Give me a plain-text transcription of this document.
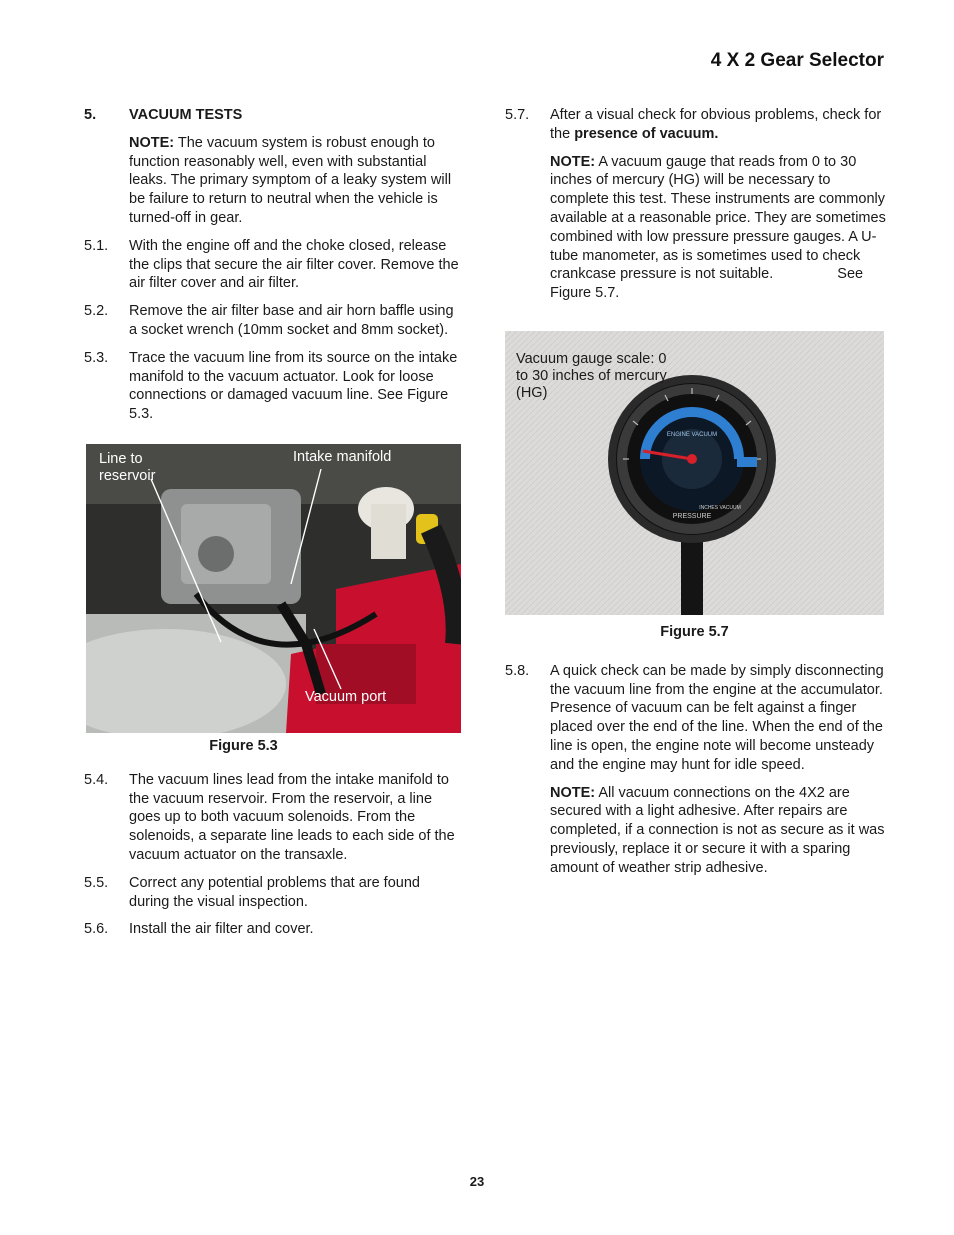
4 X 2 Gear Selector
5. VACUUM TESTS
NOTE: The vacuum system is robust enough to function reasonably well, even with substantial leaks. The primary symptom of a leaky system will be failure to return to neutral when the vehicle is turned-off in gear.
5.1. With the engine off and the choke closed, release the clips that secure the air filter cover. Remove the air filter cover and air filter.
5.2. Remove the air filter base and air horn baffle using a socket wrench (10mm socket and 8mm socket).
5.3. Trace the vacuum line from its source on the intake manifold to the vacuum actuator. Look for loose connections or damaged vacuum line. See Figure 5.3.
Line to reservoir
Intake manifold
Vacuum port
Figure 5.3
5.4. The vacuum lines lead from the intake manifold to the vacuum reservoir. From the reservoir, a line goes up to both vacuum solenoids. From the solenoids, a separate line leads to each side of the vacuum actuator on the transaxle.
5.5. Correct any potential problems that are found during the visual inspection.
5.6. Install the air filter and cover.
5.7. After a visual check for obvious problems, check for the presence of vacuum.
NOTE: A vacuum gauge that reads from 0 to 30 inches of mercury (HG) will be necessary to complete this test. These instruments are commonly available at a reasonable price. They are sometimes combined with low pressure pressure gauges. A U-tube manometer, as is sometimes used to check crankcase pressure is not suitable.	See Figure 5.7.
ENGINE VACUUM
PRESSURE
INCHES VACUUM
Vacuum gauge scale: 0 to 30 inches of mercury (HG)
Figure 5.7
5.8. A quick check can be made by simply disconnecting the vacuum line from the engine at the accumulator. Presence of vacuum can be felt against a finger placed over the end of the line. When the end of the line is open, the engine note will become unsteady and the engine may hunt for idle speed.
NOTE: All vacuum connections on the 4X2 are secured with a light adhesive. After repairs are completed, if a connection is not as secure as it was previously, replace it or secure it with a sparing amount of weather strip adhesive.
23
